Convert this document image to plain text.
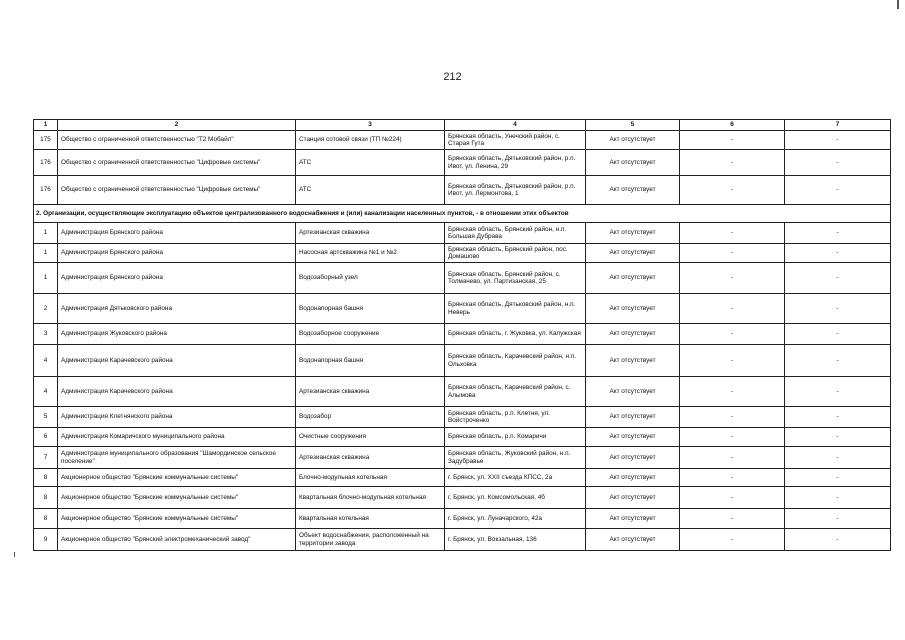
212
1	2	3	4	5	6	7
175	Общество с ограниченной ответственностью "Т2 Мобайл"	Станция сотовой связи (ТП №224)	Брянская область, Унечский район, с. Старая Гута	Акт отсутствует	-	-
176	Общество с ограниченной ответственностью "Цифровые системы"	АТС	Брянская область, Дятьковский район, р.п. Ивот, ул. Ленина, 29	Акт отсутствует	-	-
176	Общество с ограниченной ответственностью "Цифровые системы"	АТС	Брянская область, Дятьковский район, р.п. Ивот, ул. Лермонтова, 1	Акт отсутствует	-	-
2. Организации, осуществляющие эксплуатацию объектов централизованного водоснабжения и (или) канализации населенных пунктов, - в отношении этих объектов						
1	Администрация Брянского района	Артезианская скважина	Брянская область, Брянский район, н.п. Большая Дубрава	Акт отсутствует	-	-
1	Администрация Брянского района	Насосная артскважина №1 и №2	Брянская область, Брянский район, пос. Домашово	Акт отсутствует	-	-
1	Администрация Брянского района	Водозаборный узел	Брянская область, Брянский район, с. Толмачево, ул. Партизанская, 25	Акт отсутствует	-	-
2	Администрация Дятьковского района	Водонапорная башня	Брянская область, Дятьковский район, н.п. Неверь	Акт отсутствует	-	-
3	Администрация Жуковского района	Водозаборное сооружение	Брянская область, г. Жуковка, ул. Калужская	Акт отсутствует	-	-
4	Администрация Карачевского района	Водонапорная башня	Брянская область, Карачевский район, н.п. Ольховка	Акт отсутствует	-	-
4	Администрация Карачевского района	Артезианская скважина	Брянская область, Карачевский район, с. Алымова	Акт отсутствует	-	-
5	Администрация Клетнянского района	Водозабор	Брянская область, р.п. Клетня, ул. Войстроченко	Акт отсутствует	-	-
6	Администрация Комаричского муниципального района	Очистные сооружения	Брянская область, р.п. Комаричи	Акт отсутствует	-	-
7	Администрация муниципального образования "Шамординское сельское поселение"	Артезианская скважина	Брянская область, Жуковский район, н.п. Задубравье	Акт отсутствует	-	-
8	Акционерное общество "Брянские коммунальные системы"	Блочно-модульная котельная	г. Брянск, ул. XXII съезда КПСС, 2а	Акт отсутствует	-	-
8	Акционерное общество "Брянские коммунальные системы"	Квартальная блочно-модульная котельная	г. Брянск, ул. Комсомольская, 4б	Акт отсутствует	-	-
8	Акционерное общество "Брянские коммунальные системы"	Квартальная котельная	г. Брянск, ул. Луначарского, 42а	Акт отсутствует	-	-
9	Акционерное общество "Брянский электромеханический завод"	Объект водоснабжения, расположенный на территории завода	г. Брянск, ул. Вокзальная, 136	Акт отсутствует	-	-
